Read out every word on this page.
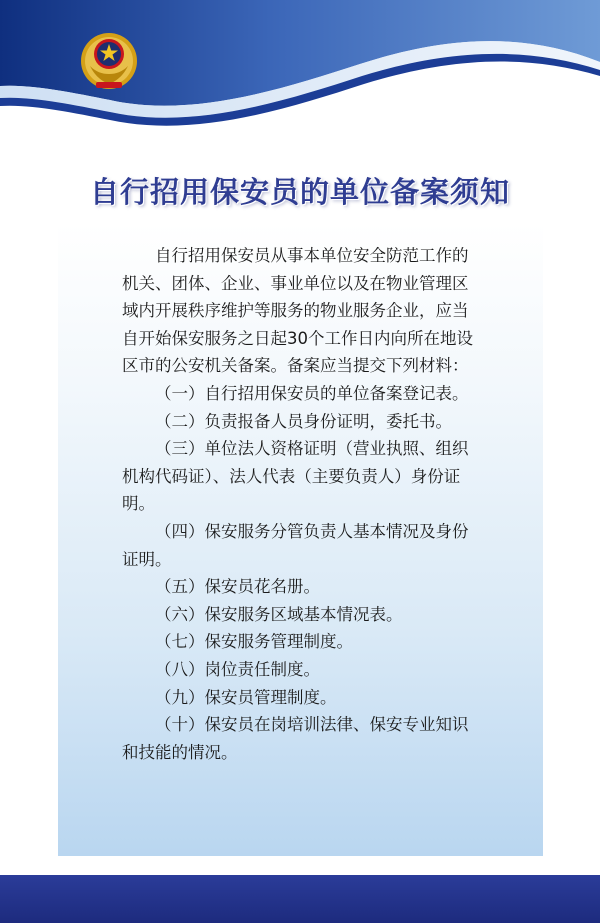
自行招用保安员的单位备案须知

自行招用保安员从事本单位安全防范工作的机关、团体、企业、事业单位以及在物业管理区域内开展秩序维护等服务的物业服务企业，应当自开始保安服务之日起30个工作日内向所在地设区市的公安机关备案。备案应当提交下列材料：

（一）自行招用保安员的单位备案登记表。

（二）负责报备人员身份证明，委托书。

（三）单位法人资格证明（营业执照、组织机构代码证）、法人代表（主要负责人）身份证明。

（四）保安服务分管负责人基本情况及身份证明。

（五）保安员花名册。

（六）保安服务区域基本情况表。

（七）保安服务管理制度。

（八）岗位责任制度。

（九）保安员管理制度。

（十）保安员在岗培训法律、保安专业知识和技能的情况。
